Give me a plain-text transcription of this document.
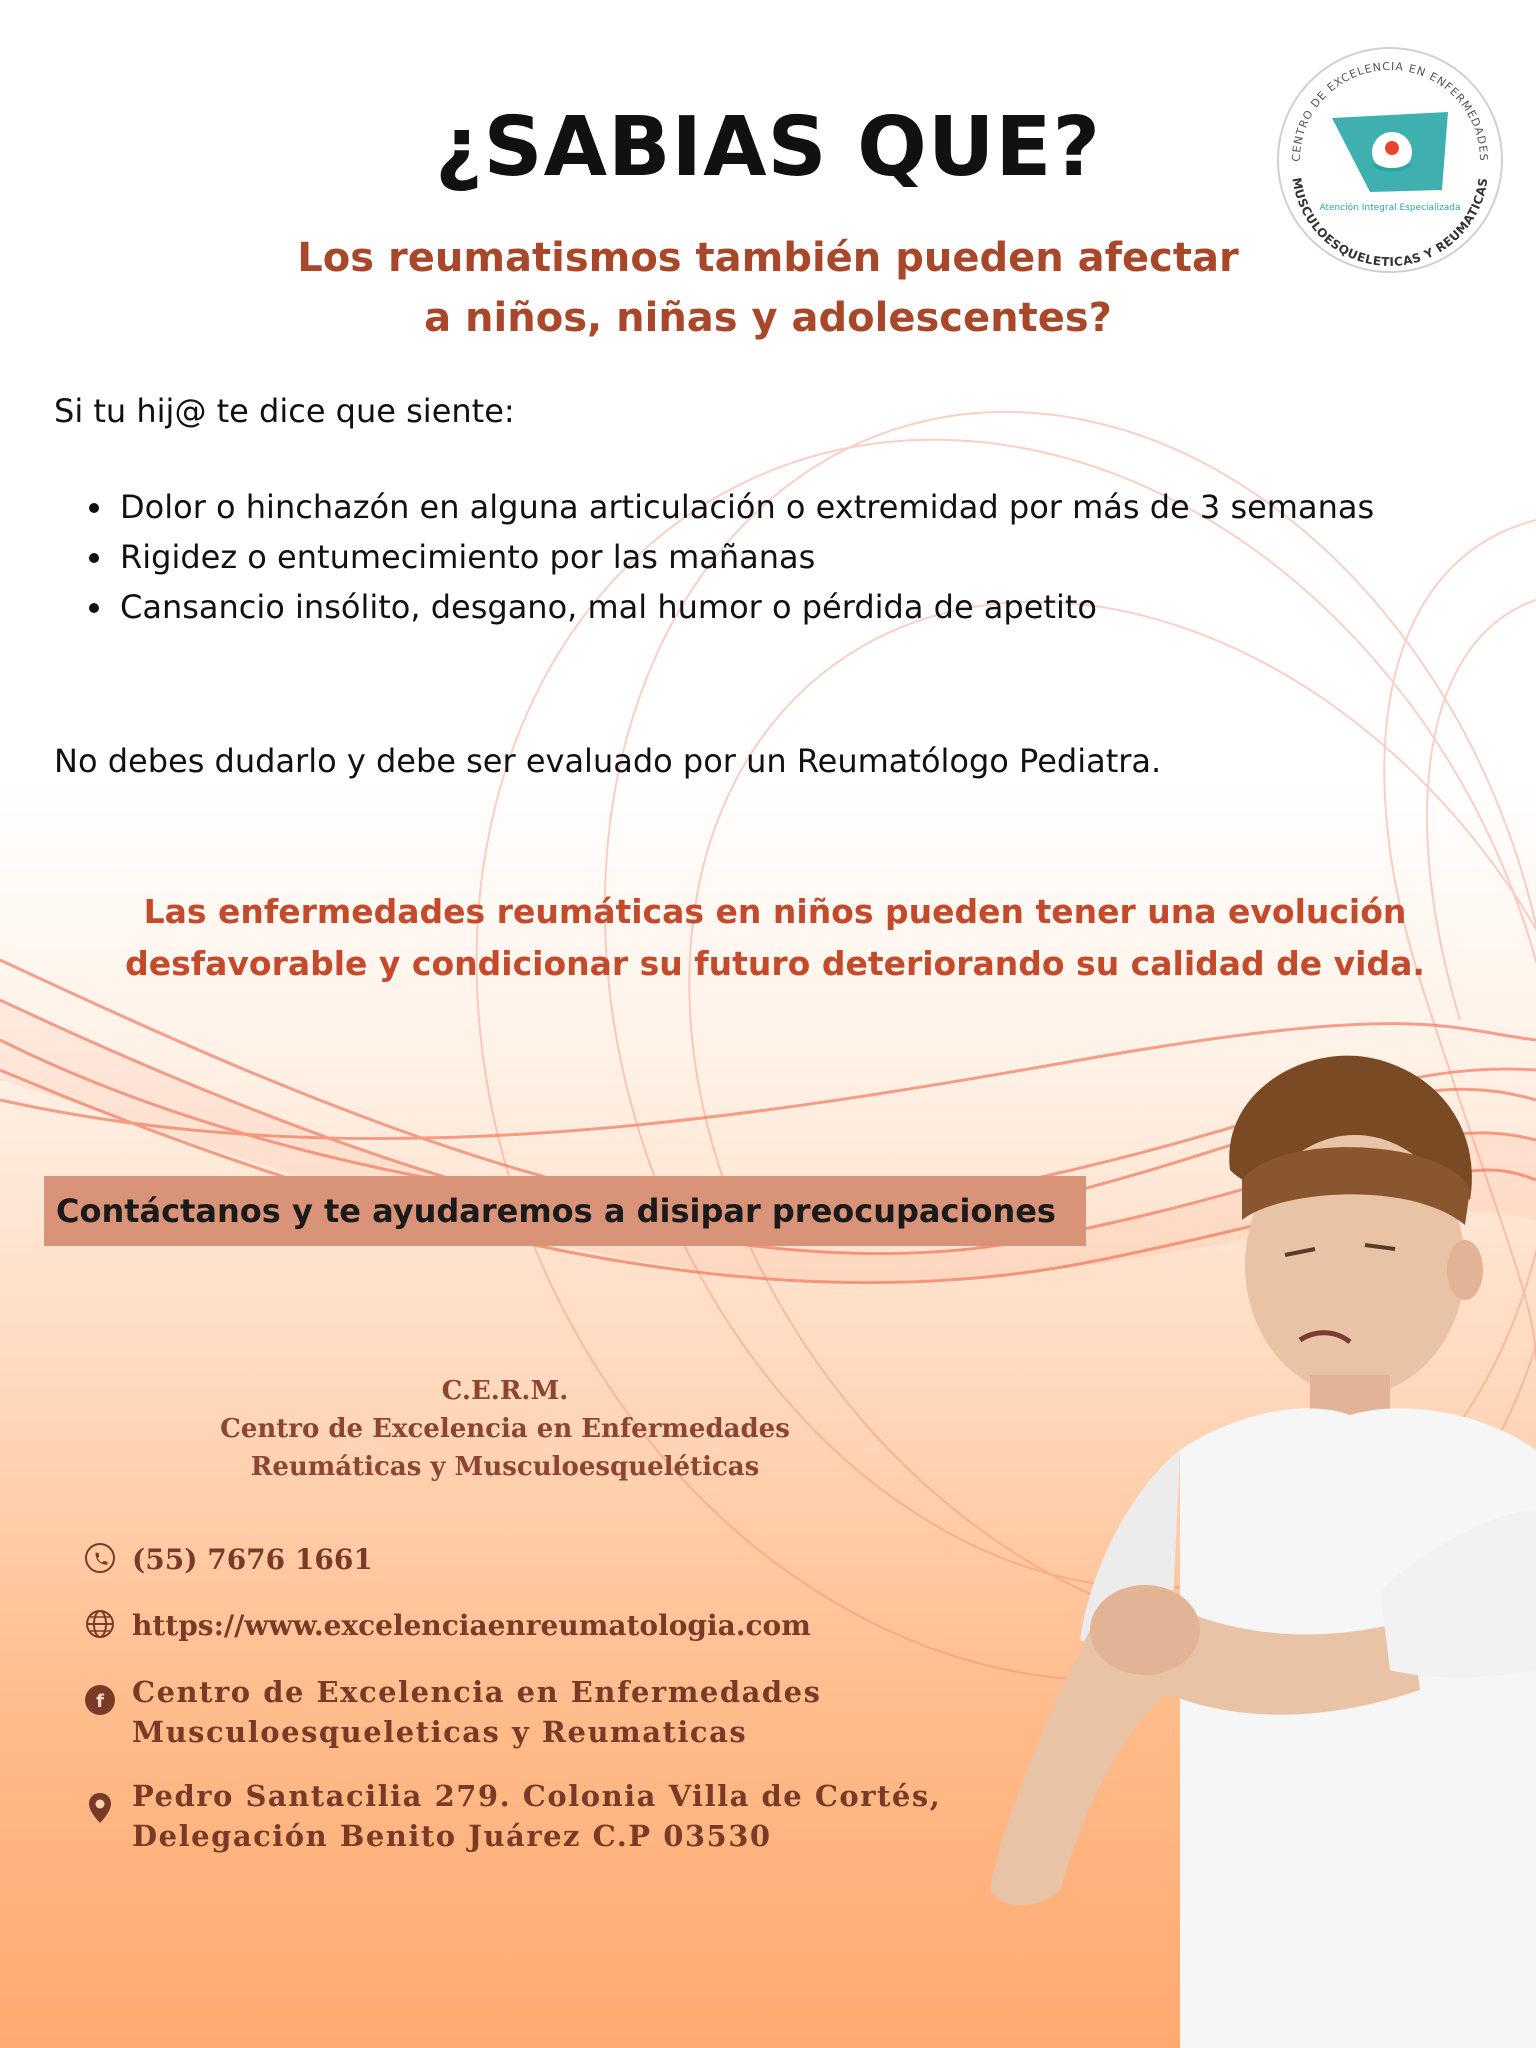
CENTRO DE EXCELENCIA EN ENFERMEDADES
MUSCULOESQUELETICAS Y REUMATICAS
Atención Integral Especializada
¿SABIAS QUE?
Los reumatismos también pueden afectar
a niños, niñas y adolescentes?
Si tu hij@ te dice que siente:
• Dolor o hinchazón en alguna articulación o extremidad por más de 3 semanas
• Rigidez o entumecimiento por las mañanas
• Cansancio insólito, desgano, mal humor o pérdida de apetito
No debes dudarlo y debe ser evaluado por un Reumatólogo Pediatra.
Las enfermedades reumáticas en niños pueden tener una evolución
desfavorable y condicionar su futuro deteriorando su calidad de vida.
Contáctanos y te ayudaremos a disipar preocupaciones
C.E.R.M.
Centro de Excelencia en Enfermedades
Reumáticas y Musculoesqueléticas
(55) 7676 1661
https://www.excelenciaenreumatologia.com
f Centro de Excelencia en Enfermedades
Musculoesqueleticas y Reumaticas
Pedro Santacilia 279. Colonia Villa de Cortés,
Delegación Benito Juárez C.P 03530
